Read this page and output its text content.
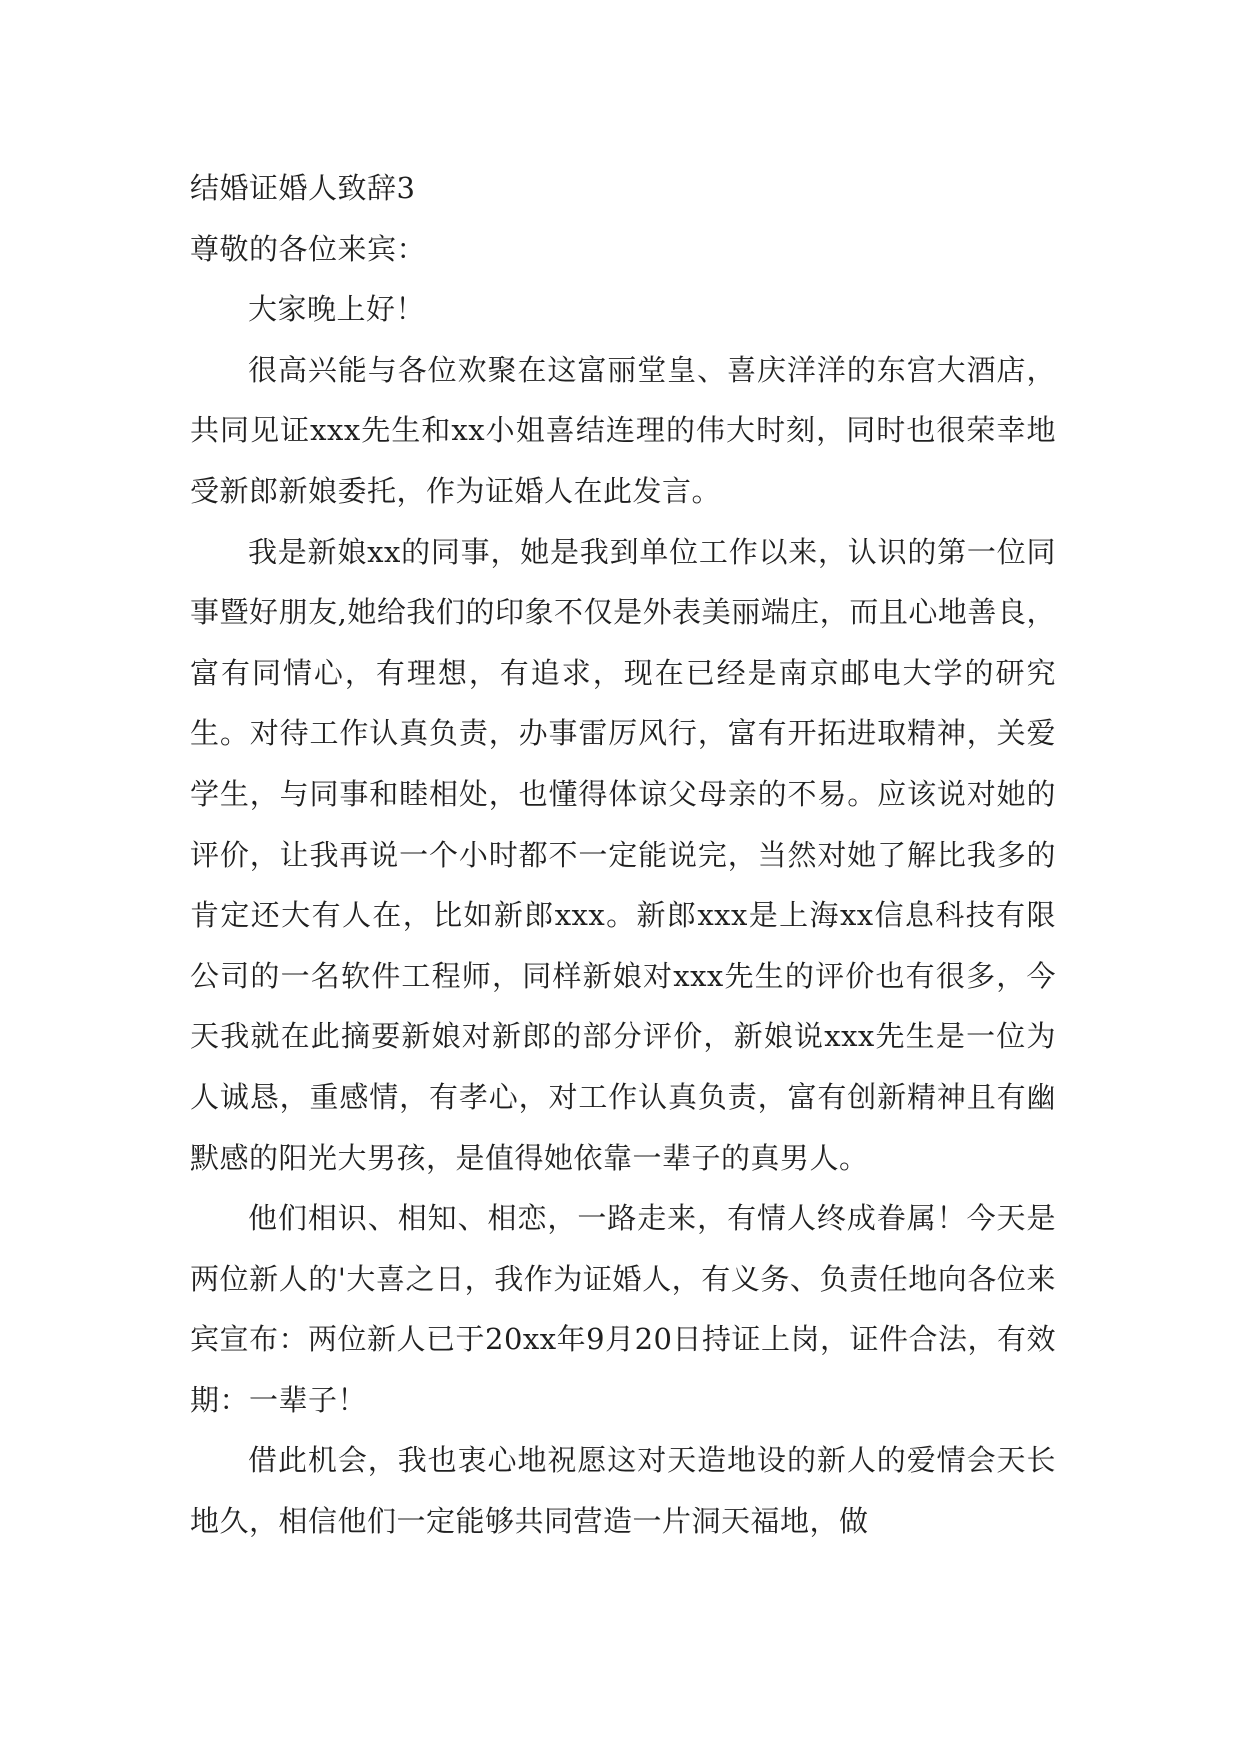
结婚证婚人致辞3

尊敬的各位来宾：

大家晚上好！

很高兴能与各位欢聚在这富丽堂皇、喜庆洋洋的东宫大酒店，共同见证xxx先生和xx小姐喜结连理的伟大时刻，同时也很荣幸地受新郎新娘委托，作为证婚人在此发言。

我是新娘xx的同事，她是我到单位工作以来，认识的第一位同事暨好朋友,她给我们的印象不仅是外表美丽端庄，而且心地善良，富有同情心，有理想，有追求，现在已经是南京邮电大学的研究生。对待工作认真负责，办事雷厉风行，富有开拓进取精神，关爱学生，与同事和睦相处，也懂得体谅父母亲的不易。应该说对她的评价，让我再说一个小时都不一定能说完，当然对她了解比我多的肯定还大有人在，比如新郎xxx。新郎xxx是上海xx信息科技有限公司的一名软件工程师，同样新娘对xxx先生的评价也有很多，今天我就在此摘要新娘对新郎的部分评价，新娘说xxx先生是一位为人诚恳，重感情，有孝心，对工作认真负责，富有创新精神且有幽默感的阳光大男孩，是值得她依靠一辈子的真男人。

他们相识、相知、相恋，一路走来，有情人终成眷属！今天是两位新人的'大喜之日，我作为证婚人，有义务、负责任地向各位来宾宣布：两位新人已于20xx年9月20日持证上岗，证件合法，有效期：一辈子！

借此机会，我也衷心地祝愿这对天造地设的新人的爱情会天长地久，相信他们一定能够共同营造一片洞天福地，做
